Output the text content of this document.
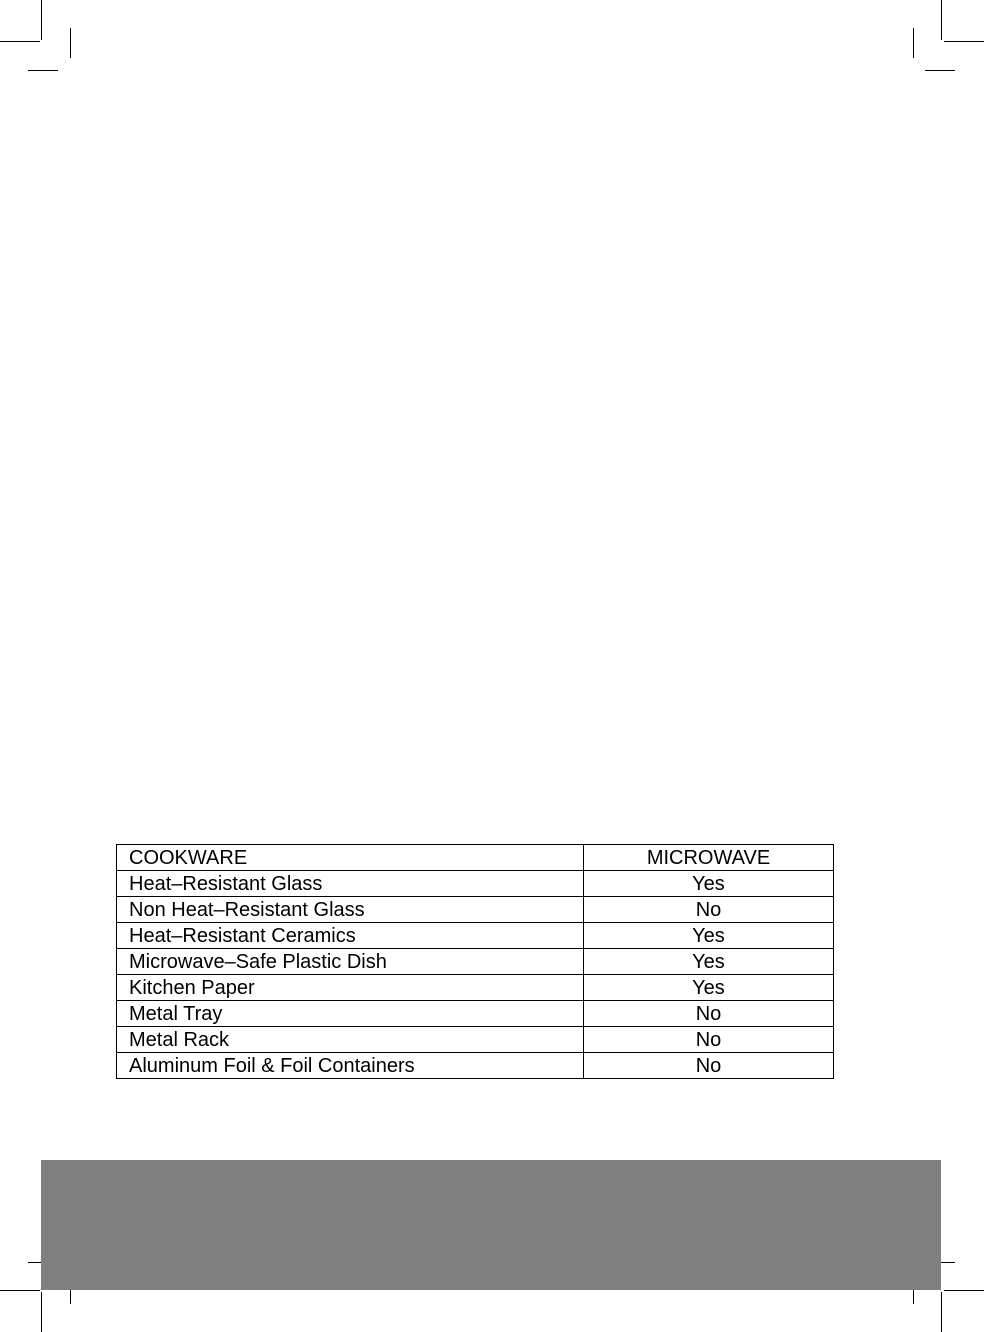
COOKWARE	MICROWAVE
Heat–Resistant Glass	Yes
Non Heat–Resistant Glass	No
Heat–Resistant Ceramics	Yes
Microwave–Safe Plastic Dish	Yes
Kitchen Paper	Yes
Metal Tray	No
Metal Rack	No
Aluminum Foil & Foil Containers	No
